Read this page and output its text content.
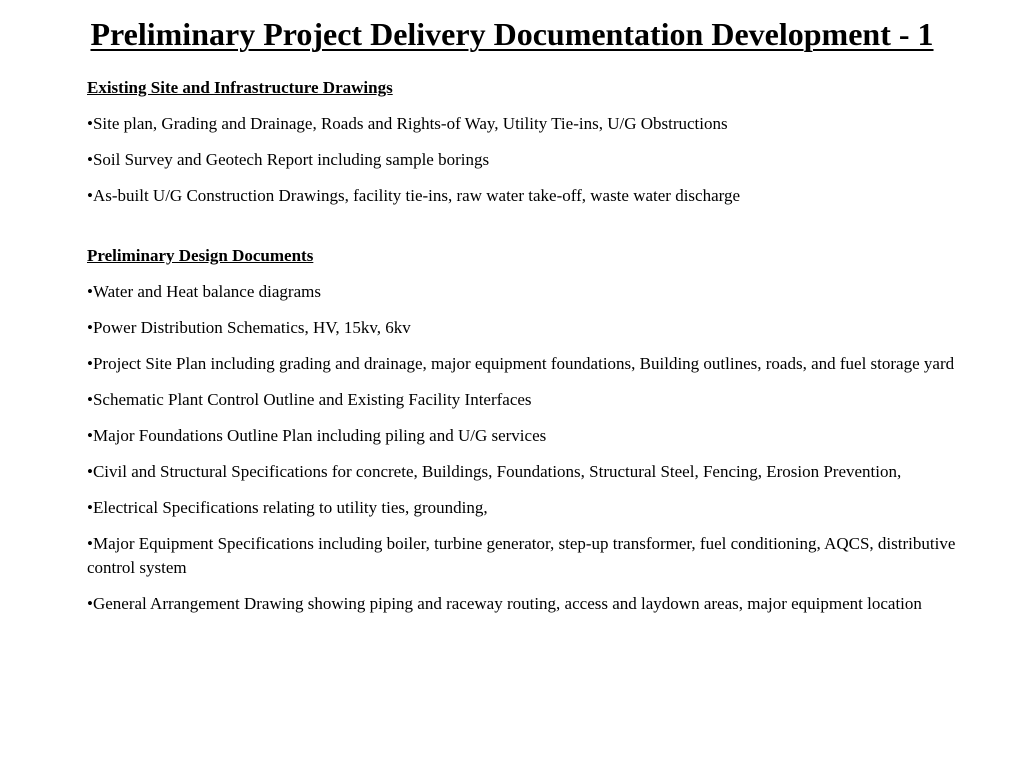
Preliminary Project Delivery Documentation Development - 1
Existing Site and Infrastructure Drawings
•Site plan, Grading and Drainage, Roads and Rights-of Way, Utility Tie-ins, U/G Obstructions
•Soil Survey and Geotech Report including sample borings
•As-built U/G Construction Drawings, facility tie-ins, raw water take-off, waste water discharge
Preliminary Design Documents
•Water and Heat balance diagrams
•Power Distribution Schematics, HV, 15kv, 6kv
•Project Site Plan including grading and drainage, major equipment foundations, Building outlines, roads, and fuel storage yard
•Schematic Plant Control Outline and Existing Facility Interfaces
•Major Foundations Outline Plan including piling and U/G services
•Civil and Structural Specifications for concrete, Buildings, Foundations, Structural Steel, Fencing, Erosion Prevention,
•Electrical Specifications relating to utility ties, grounding,
•Major Equipment Specifications including boiler, turbine generator, step-up transformer, fuel conditioning, AQCS, distributive control system
•General Arrangement Drawing showing piping and raceway routing, access and laydown areas, major equipment location
